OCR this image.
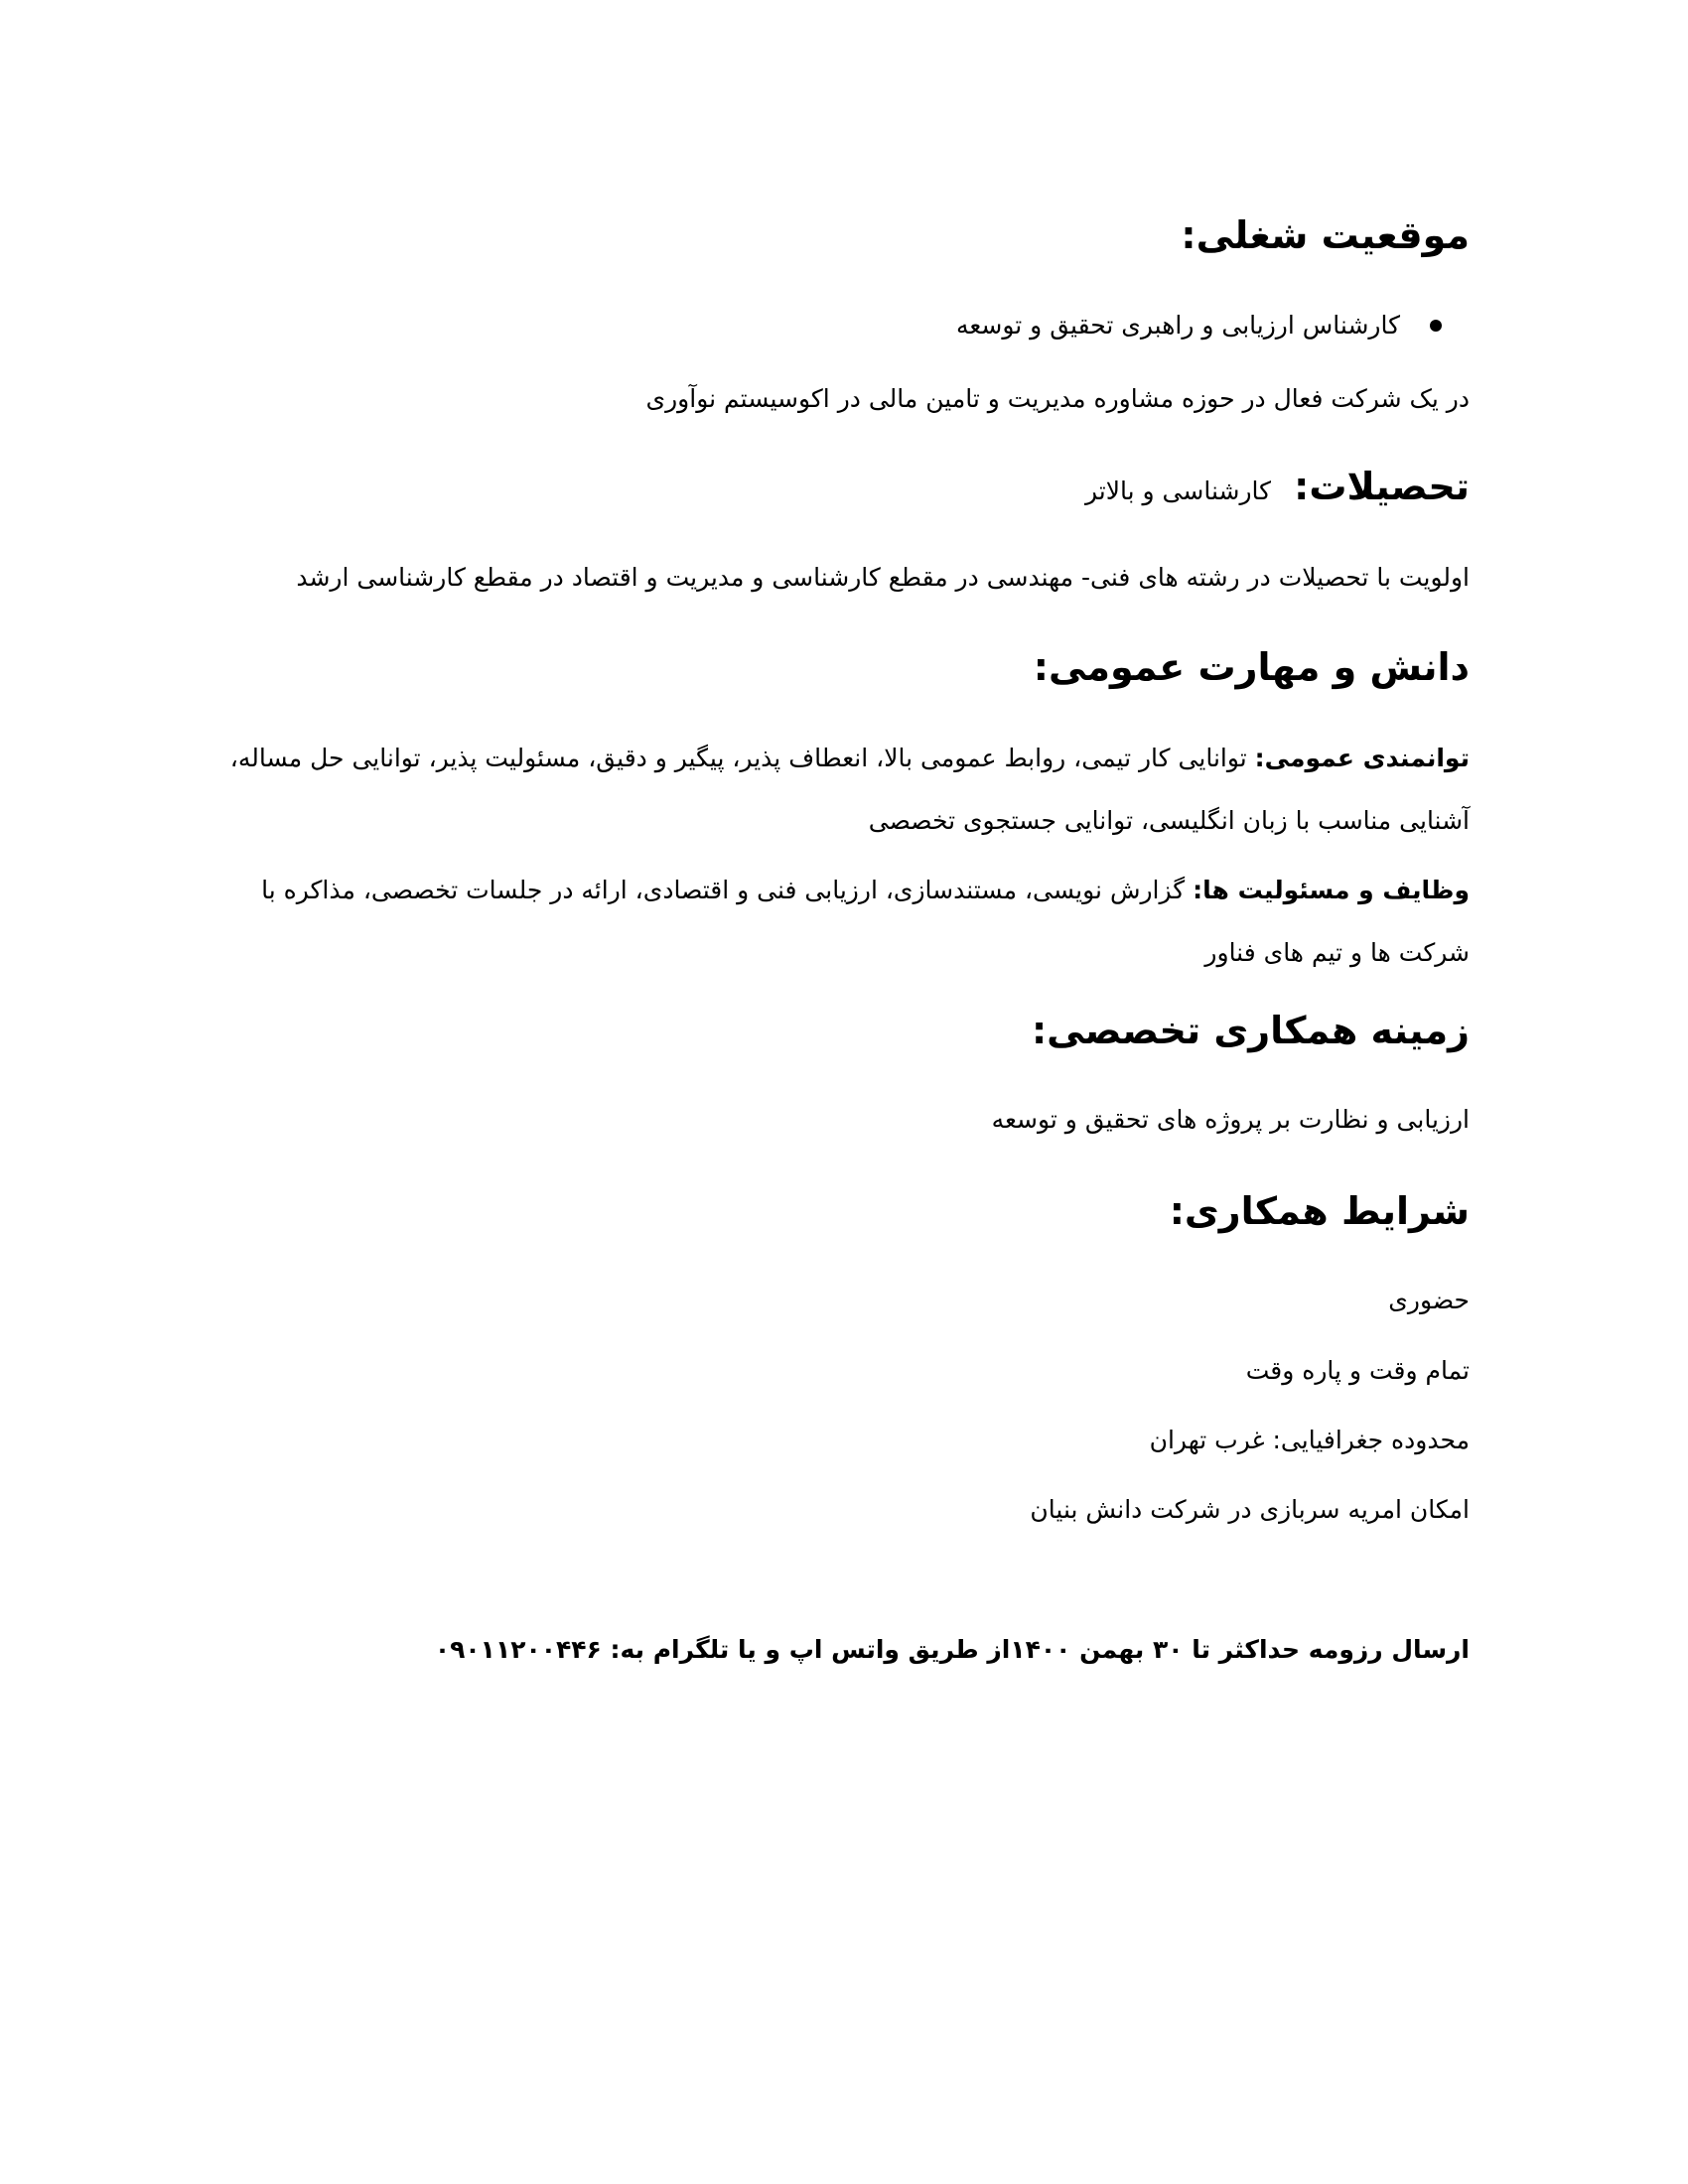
موقعیت شغلی:
کارشناس ارزیابی و راهبری تحقیق و توسعه
در یک شرکت فعال در حوزه مشاوره مدیریت و تامین مالی در اکوسیستم نوآوری
تحصیلات: کارشناسی و بالاتر
اولویت با تحصیلات در رشته های فنی- مهندسی در مقطع کارشناسی و مدیریت و اقتصاد در مقطع کارشناسی ارشد
دانش و مهارت عمومی:
توانمندی عمومی: توانایی کار تیمی، روابط عمومی بالا، انعطاف پذیر، پیگیر و دقیق، مسئولیت پذیر، توانایی حل مساله، آشنایی مناسب با زبان انگلیسی، توانایی جستجوی تخصصی
وظایف و مسئولیت ها: گزارش نویسی، مستندسازی، ارزیابی فنی و اقتصادی، ارائه در جلسات تخصصی، مذاکره با شرکت ها و تیم های فناور
زمینه همکاری تخصصی:
ارزیابی و نظارت بر پروژه های تحقیق و توسعه
شرایط همکاری:
حضوری
تمام وقت و پاره وقت
محدوده جغرافیایی: غرب تهران
امکان امریه سربازی در شرکت دانش بنیان
ارسال رزومه حداکثر تا ۳۰ بهمن ۱۴۰۰از طریق واتس اپ و یا تلگرام به: ۰۹۰۱۱۲۰۰۴۴۶
